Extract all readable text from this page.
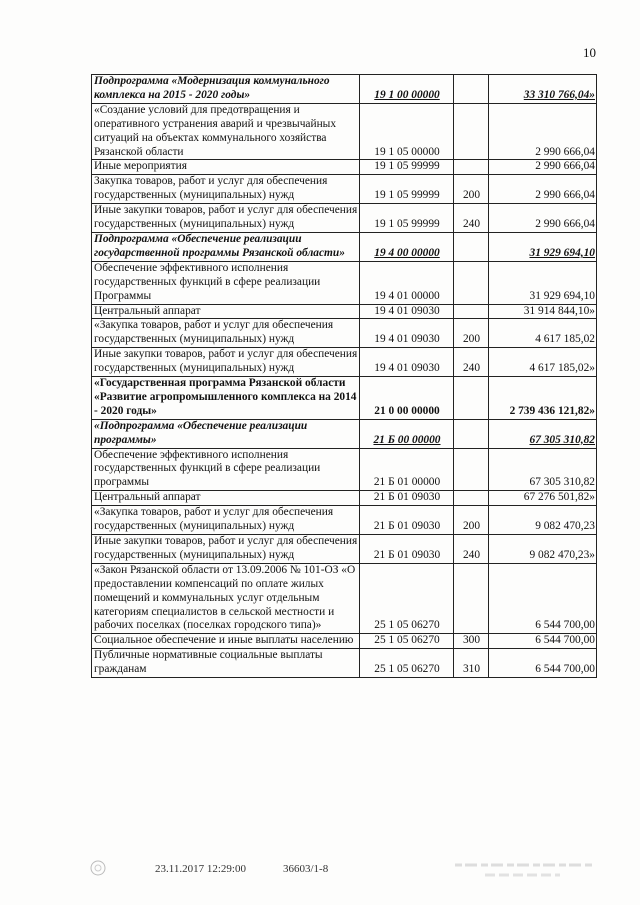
10
Подпрограмма «Модернизация коммунального комплекса на 2015 - 2020 годы»	19 1 00 00000		33 310 766,04»
«Создание условий для предотвращения и оперативного устранения аварий и чрезвычайных ситуаций на объектах коммунального хозяйства Рязанской области	19 1 05 00000		2 990 666,04
Иные мероприятия	19 1 05 99999		2 990 666,04
Закупка товаров, работ и услуг для обеспечения государственных (муниципальных) нужд	19 1 05 99999	200	2 990 666,04
Иные закупки товаров, работ и услуг для обеспечения государственных (муниципальных) нужд	19 1 05 99999	240	2 990 666,04
Подпрограмма «Обеспечение реализации государственной программы Рязанской области»	19 4 00 00000		31 929 694,10
Обеспечение эффективного исполнения государственных функций в сфере реализации Программы	19 4 01 00000		31 929 694,10
Центральный аппарат	19 4 01 09030		31 914 844,10»
«Закупка товаров, работ и услуг для обеспечения государственных (муниципальных) нужд	19 4 01 09030	200	4 617 185,02
Иные закупки товаров, работ и услуг для обеспечения государственных (муниципальных) нужд	19 4 01 09030	240	4 617 185,02»
«Государственная программа Рязанской области «Развитие агропромышленного комплекса на 2014 - 2020 годы»	21 0 00 00000		2 739 436 121,82»
«Подпрограмма «Обеспечение реализации программы»	21 Б 00 00000		67 305 310,82
Обеспечение эффективного исполнения государственных функций в сфере реализации программы	21 Б 01 00000		67 305 310,82
Центральный аппарат	21 Б 01 09030		67 276 501,82»
«Закупка товаров, работ и услуг для обеспечения государственных (муниципальных) нужд	21 Б 01 09030	200	9 082 470,23
Иные закупки товаров, работ и услуг для обеспечения государственных (муниципальных) нужд	21 Б 01 09030	240	9 082 470,23»
«Закон Рязанской области от 13.09.2006 № 101-ОЗ «О предоставлении компенсаций по оплате жилых помещений и коммунальных услуг отдельным категориям специалистов в сельской местности и рабочих поселках (поселках городского типа)»	25 1 05 06270		6 544 700,00
Социальное обеспечение и иные выплаты населению	25 1 05 06270	300	6 544 700,00
Публичные нормативные социальные выплаты гражданам	25 1 05 06270	310	6 544 700,00
23.11.2017 12:29:00	36603/1-8
